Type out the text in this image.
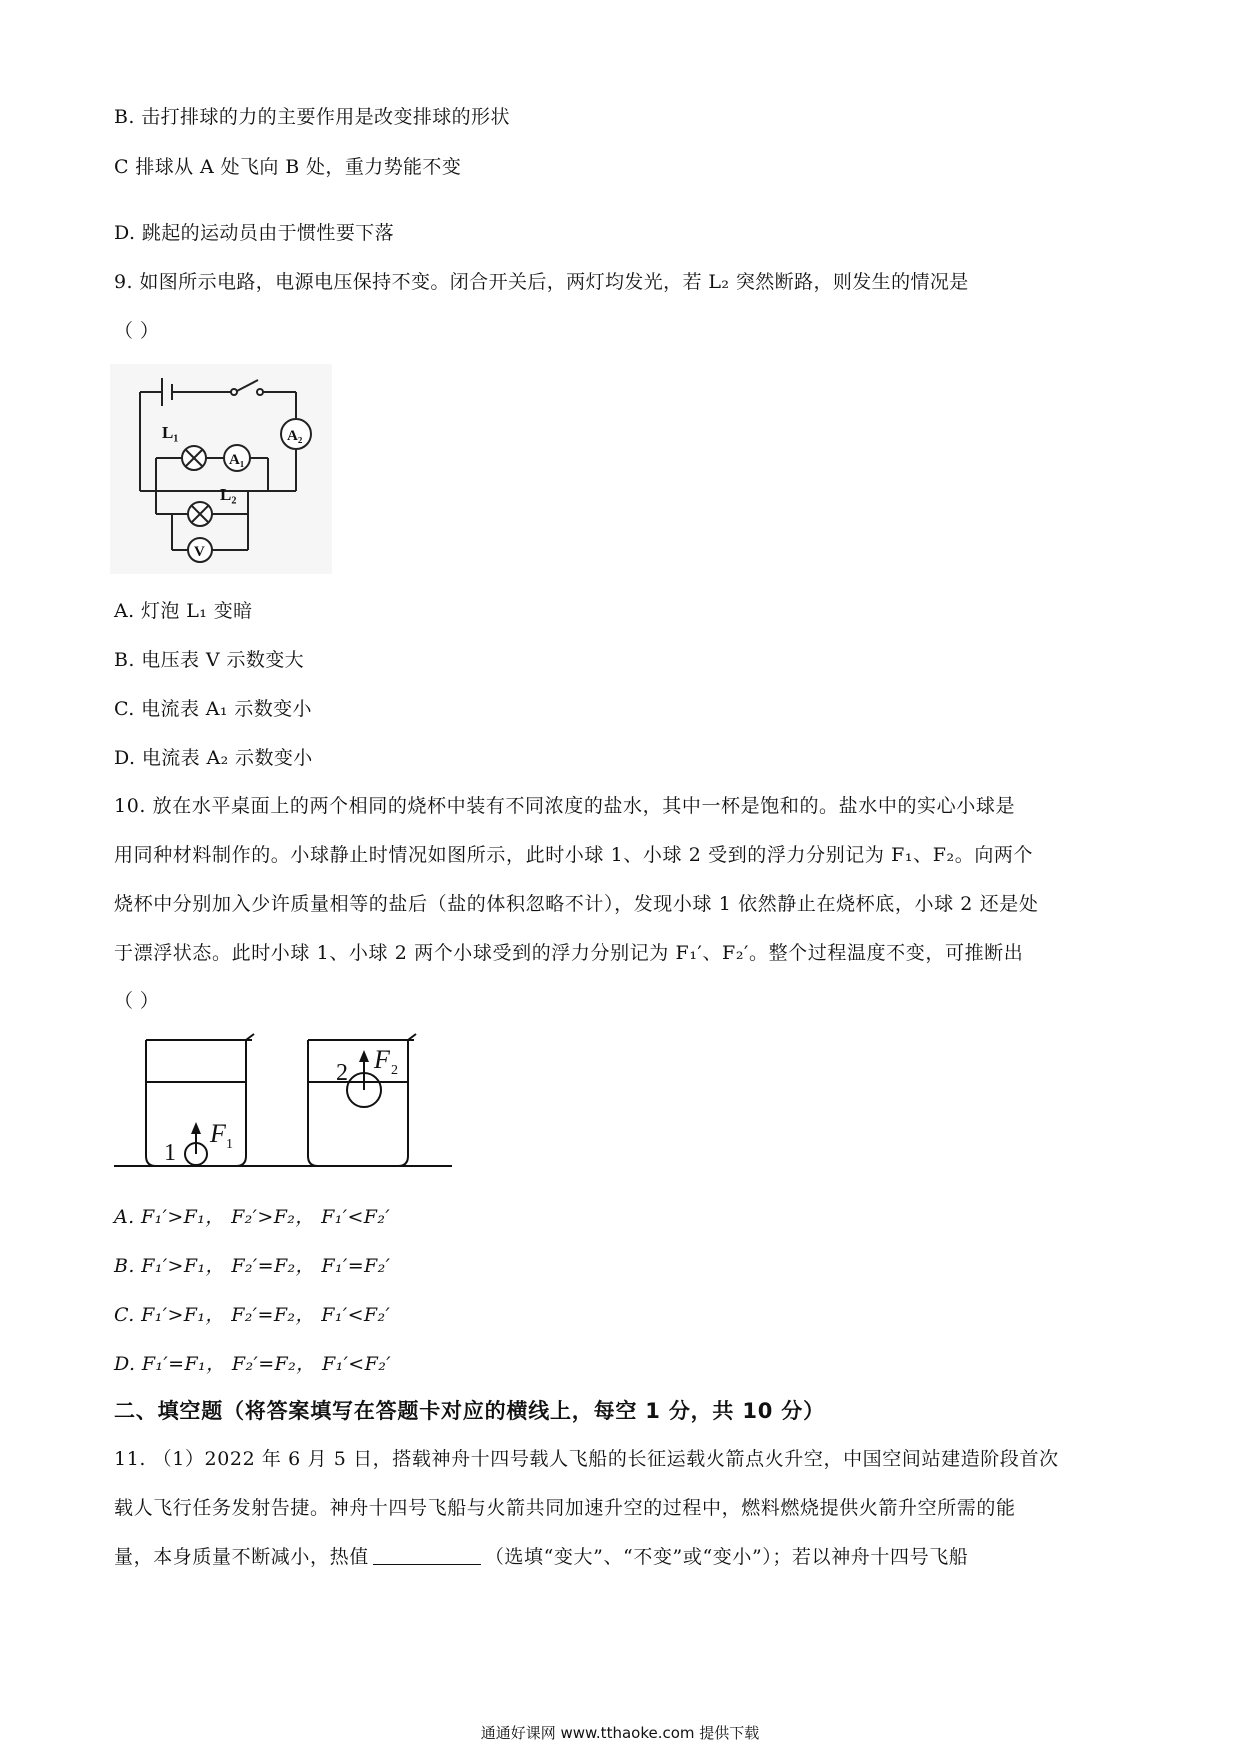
B. 击打排球的力的主要作用是改变排球的形状
C 排球从 A 处飞向 B 处，重力势能不变
D. 跳起的运动员由于惯性要下落
9. 如图所示电路，电源电压保持不变。闭合开关后，两灯均发光，若 L₂ 突然断路，则发生的情况是
（ ）
L₁
L₂
A₁
A₂
V
A. 灯泡 L₁ 变暗
B. 电压表 V 示数变大
C. 电流表 A₁ 示数变小
D. 电流表 A₂ 示数变小
10. 放在水平桌面上的两个相同的烧杯中装有不同浓度的盐水，其中一杯是饱和的。盐水中的实心小球是
用同种材料制作的。小球静止时情况如图所示，此时小球 1、小球 2 受到的浮力分别记为 F₁、F₂。向两个
烧杯中分别加入少许质量相等的盐后（盐的体积忽略不计），发现小球 1 依然静止在烧杯底，小球 2 还是处
于漂浮状态。此时小球 1、小球 2 两个小球受到的浮力分别记为 F₁′、F₂′。整个过程温度不变，可推断出
（ ）
1
2
F 1
F 2
A. F₁′>F₁， F₂′>F₂， F₁′<F₂′
B. F₁′>F₁， F₂′=F₂， F₁′=F₂′
C. F₁′>F₁， F₂′=F₂， F₁′<F₂′
D. F₁′=F₁， F₂′=F₂， F₁′<F₂′
二、填空题（将答案填写在答题卡对应的横线上，每空 1 分，共 10 分）
11. （1）2022 年 6 月 5 日，搭载神舟十四号载人飞船的长征运载火箭点火升空，中国空间站建造阶段首次
载人飞行任务发射告捷。神舟十四号飞船与火箭共同加速升空的过程中，燃料燃烧提供火箭升空所需的能
量，本身质量不断减小，热值	（选填“变大”、“不变”或“变小”）；若以神舟十四号飞船
通通好课网 www.tthaoke.com 提供下载
